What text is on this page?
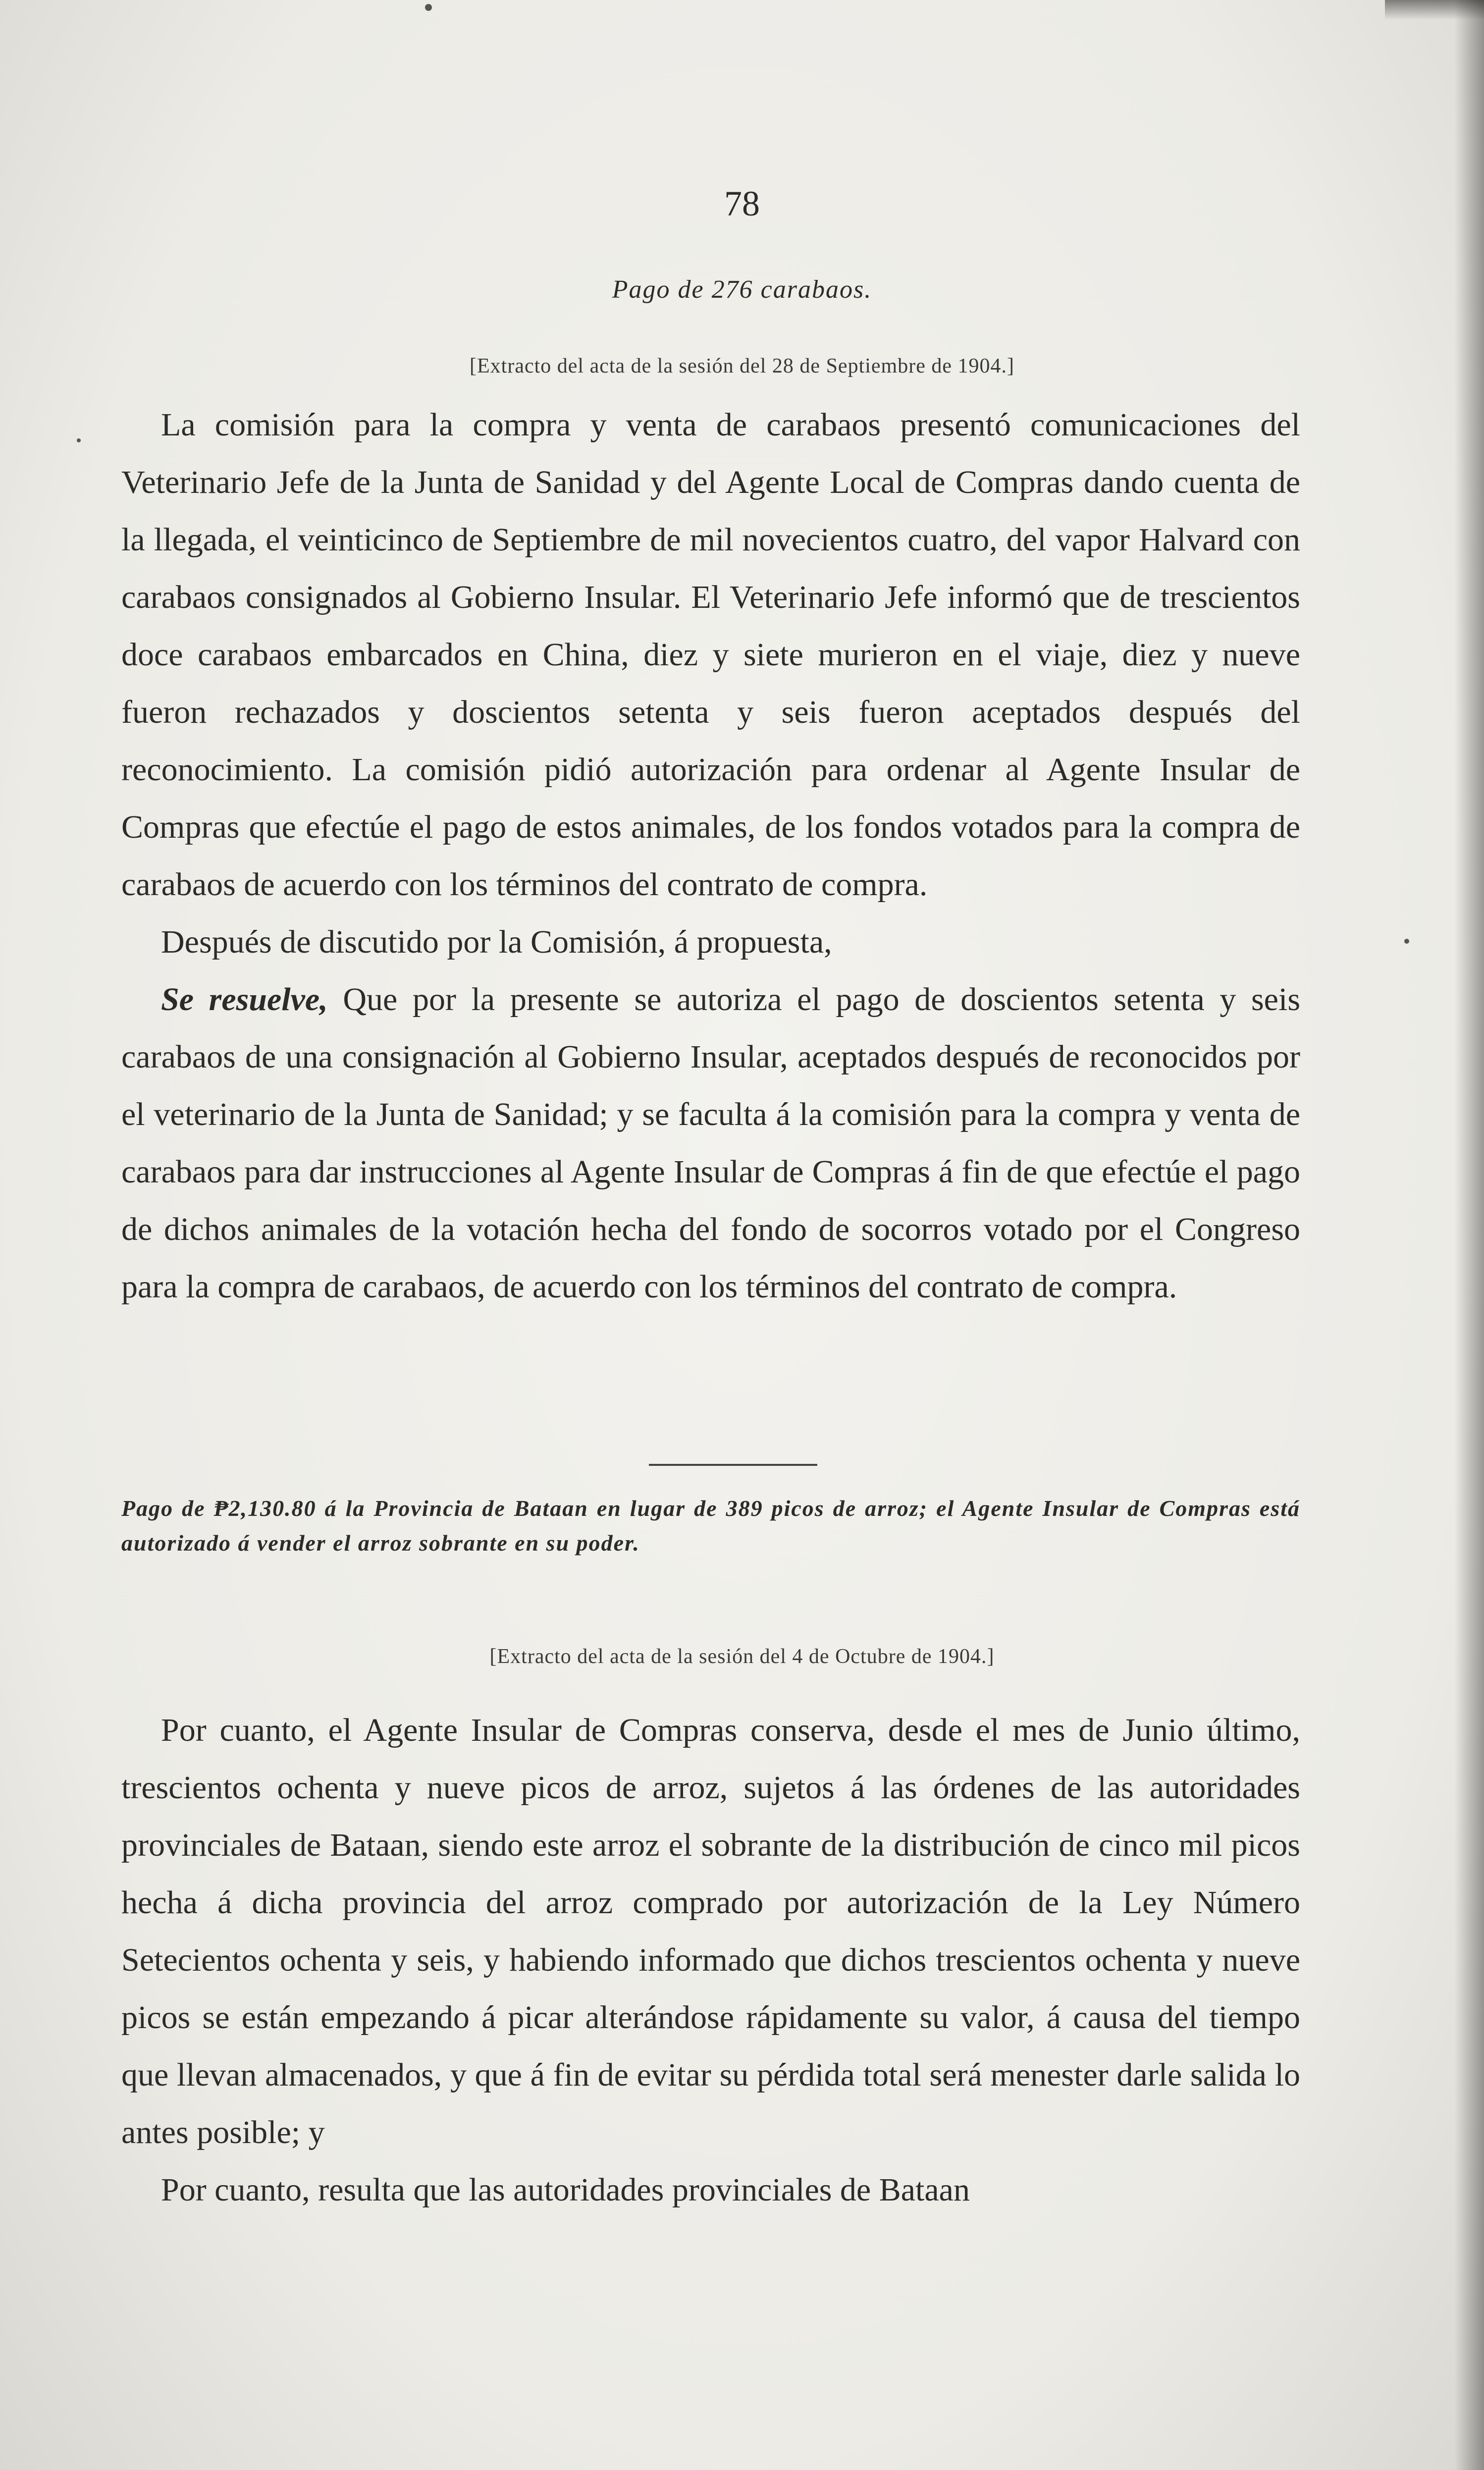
78
Pago de 276 carabaos.
[Extracto del acta de la sesión del 28 de Septiembre de 1904.]

La comisión para la compra y venta de carabaos presentó comunicaciones del Veterinario Jefe de la Junta de Sanidad y del Agente Local de Compras dando cuenta de la llegada, el veinticinco de Septiembre de mil novecientos cuatro, del vapor Halvard con carabaos consignados al Gobierno Insular. El Veterinario Jefe informó que de trescientos doce carabaos embarcados en China, diez y siete murieron en el viaje, diez y nueve fueron rechazados y doscientos setenta y seis fueron aceptados después del reconocimiento. La comisión pidió autorización para ordenar al Agente Insular de Compras que efectúe el pago de estos animales, de los fondos votados para la compra de carabaos de acuerdo con los términos del contrato de compra.

Después de discutido por la Comisión, á propuesta,

Se resuelve, Que por la presente se autoriza el pago de doscientos setenta y seis carabaos de una consignación al Gobierno Insular, aceptados después de reconocidos por el veterinario de la Junta de Sanidad; y se faculta á la comisión para la compra y venta de carabaos para dar instrucciones al Agente Insular de Compras á fin de que efectúe el pago de dichos animales de la votación hecha del fondo de socorros votado por el Congreso para la compra de carabaos, de acuerdo con los términos del contrato de compra.

Pago de ₱2,130.80 á la Provincia de Bataan en lugar de 389 picos de arroz; el Agente Insular de Compras está autorizado á vender el arroz sobrante en su poder.
[Extracto del acta de la sesión del 4 de Octubre de 1904.]

Por cuanto, el Agente Insular de Compras conserva, desde el mes de Junio último, trescientos ochenta y nueve picos de arroz, sujetos á las órdenes de las autoridades provinciales de Bataan, siendo este arroz el sobrante de la distribución de cinco mil picos hecha á dicha provincia del arroz comprado por autorización de la Ley Número Setecientos ochenta y seis, y habiendo informado que dichos trescientos ochenta y nueve picos se están empezando á picar alterándose rápidamente su valor, á causa del tiempo que llevan almacenados, y que á fin de evitar su pérdida total será menester darle salida lo antes posible; y

Por cuanto, resulta que las autoridades provinciales de Bataan
